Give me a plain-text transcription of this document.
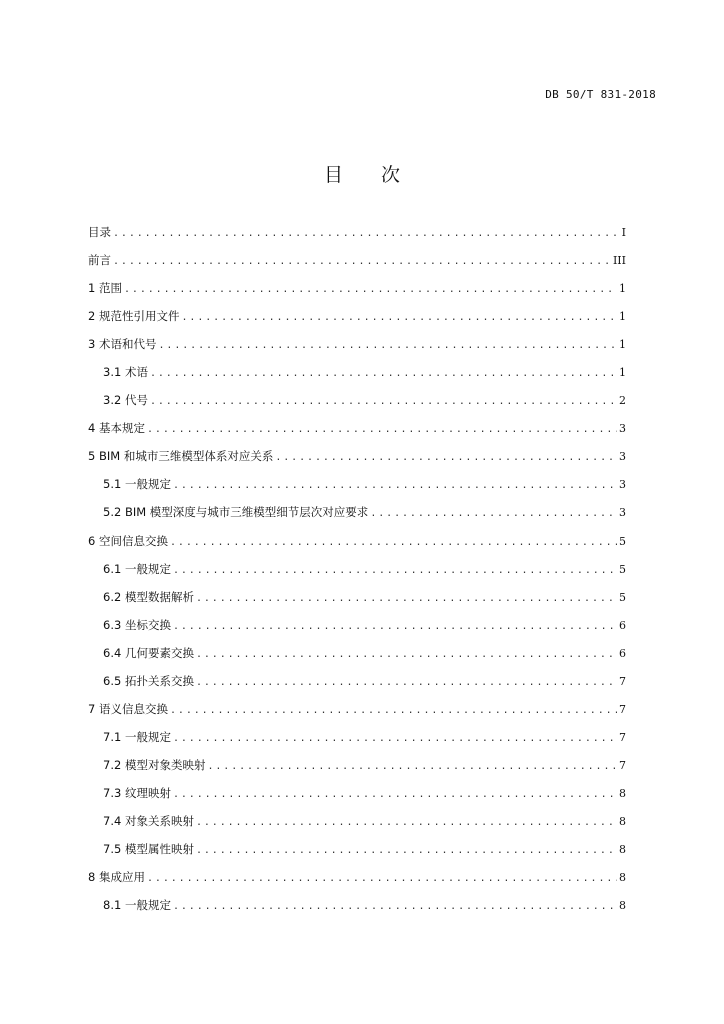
DB 50/T 831-2018
目次
目录 .....	I
前言 .....	III
1 范围 .....	1
2 规范性引用文件 .....	1
3 术语和代号 .....	1
3.1 术语 .....	1
3.2 代号 .....	2
4 基本规定 .....	3
5 BIM 和城市三维模型体系对应关系 .....	3
5.1 一般规定 .....	3
5.2 BIM 模型深度与城市三维模型细节层次对应要求 .....	3
6 空间信息交换 .....	5
6.1 一般规定 .....	5
6.2 模型数据解析 .....	5
6.3 坐标交换 .....	6
6.4 几何要素交换 .....	6
6.5 拓扑关系交换 .....	7
7 语义信息交换 .....	7
7.1 一般规定 .....	7
7.2 模型对象类映射 .....	7
7.3 纹理映射 .....	8
7.4 对象关系映射 .....	8
7.5 模型属性映射 .....	8
8 集成应用 .....	8
8.1 一般规定 .....	8
